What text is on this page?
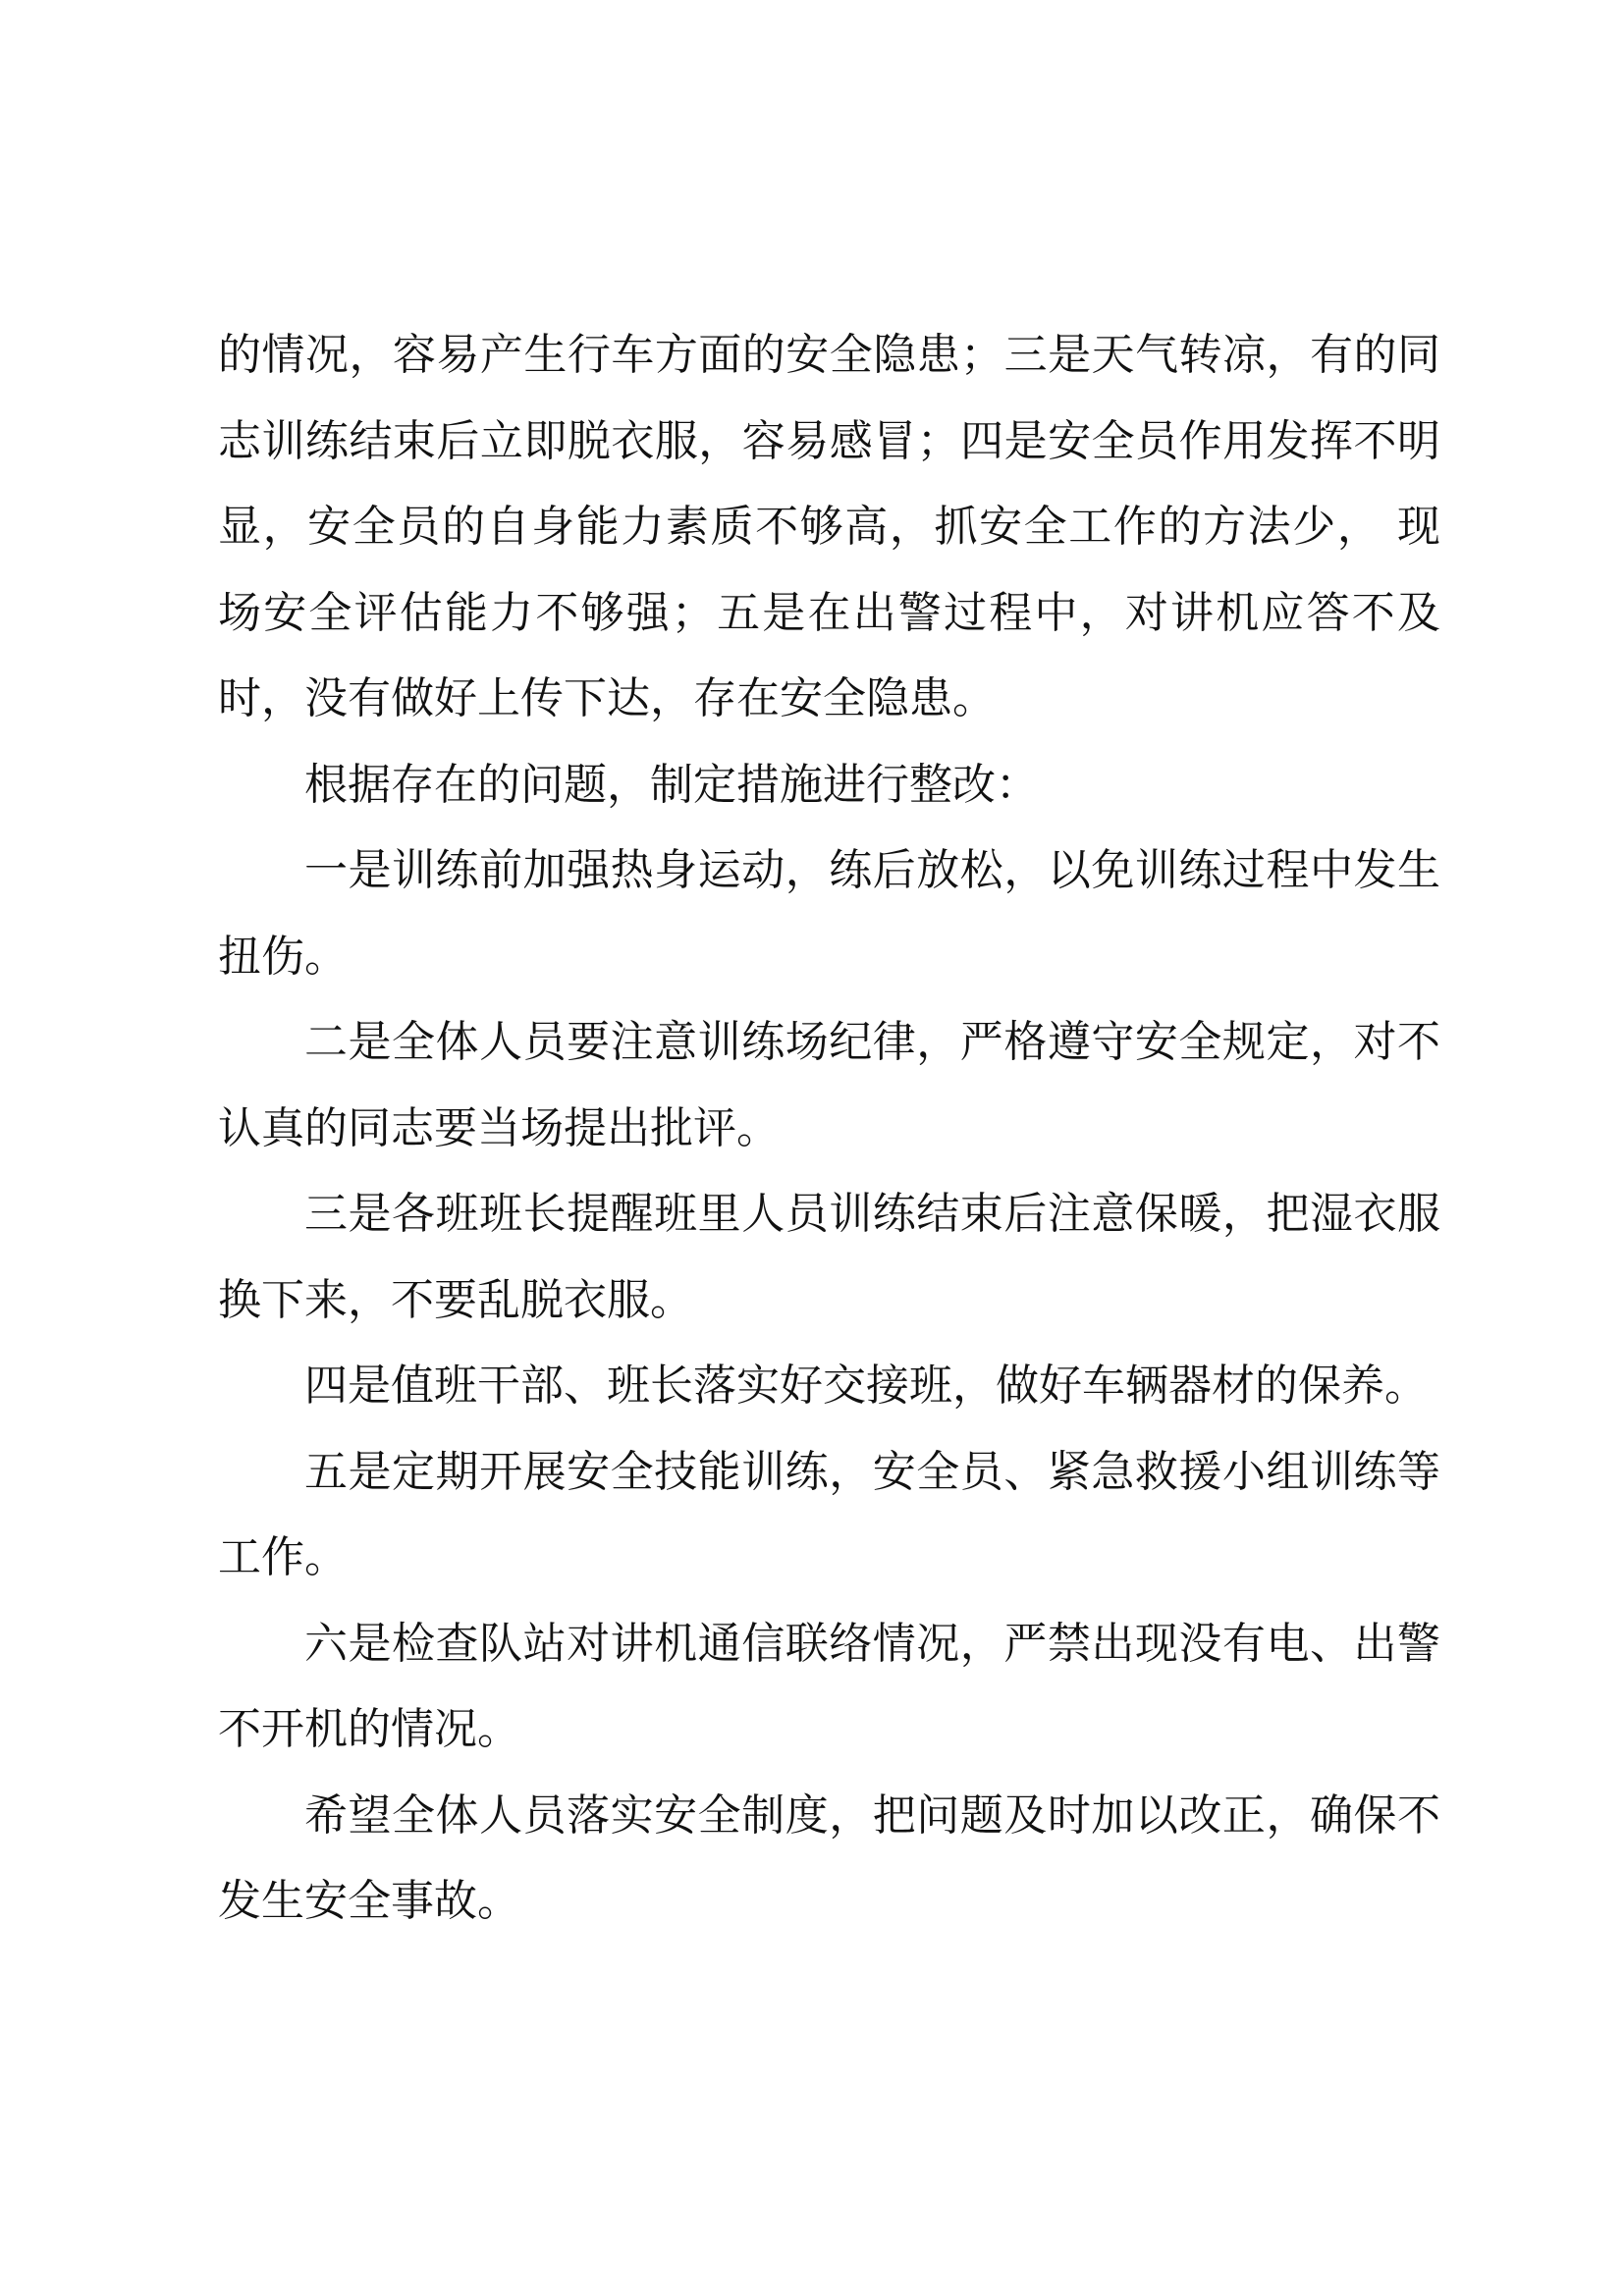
的情况，容易产生行车方面的安全隐患；三是天气转凉，有的同志训练结束后立即脱衣服，容易感冒；四是安全员作用发挥不明显，安全员的自身能力素质不够高，抓安全工作的方法少， 现场安全评估能力不够强；五是在出警过程中，对讲机应答不及时，没有做好上传下达，存在安全隐患。

根据存在的问题，制定措施进行整改：

一是训练前加强热身运动，练后放松，以免训练过程中发生扭伤。

二是全体人员要注意训练场纪律，严格遵守安全规定，对不认真的同志要当场提出批评。

三是各班班长提醒班里人员训练结束后注意保暖，把湿衣服换下来，不要乱脱衣服。

四是值班干部、班长落实好交接班，做好车辆器材的保养。

五是定期开展安全技能训练，安全员、紧急救援小组训练等工作。

六是检查队站对讲机通信联络情况，严禁出现没有电、出警不开机的情况。

希望全体人员落实安全制度，把问题及时加以改正，确保不发生安全事故。
